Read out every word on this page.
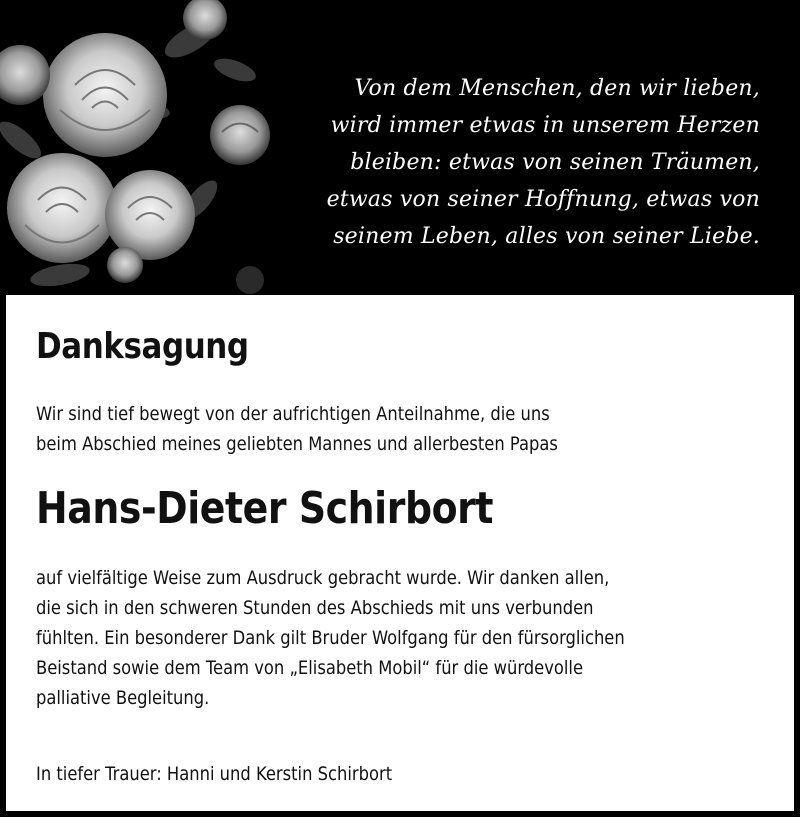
Von dem Menschen, den wir lieben,
wird immer etwas in unserem Herzen
bleiben: etwas von seinen Träumen,
etwas von seiner Hoffnung, etwas von
seinem Leben, alles von seiner Liebe.
Danksagung
Wir sind tief bewegt von der aufrichtigen Anteilnahme, die uns
beim Abschied meines geliebten Mannes und allerbesten Papas
Hans-Dieter Schirbort
auf vielfältige Weise zum Ausdruck gebracht wurde. Wir danken allen,
die sich in den schweren Stunden des Abschieds mit uns verbunden
fühlten. Ein besonderer Dank gilt Bruder Wolfgang für den fürsorglichen
Beistand sowie dem Team von „Elisabeth Mobil“ für die würdevolle
palliative Begleitung.
In tiefer Trauer: Hanni und Kerstin Schirbort
